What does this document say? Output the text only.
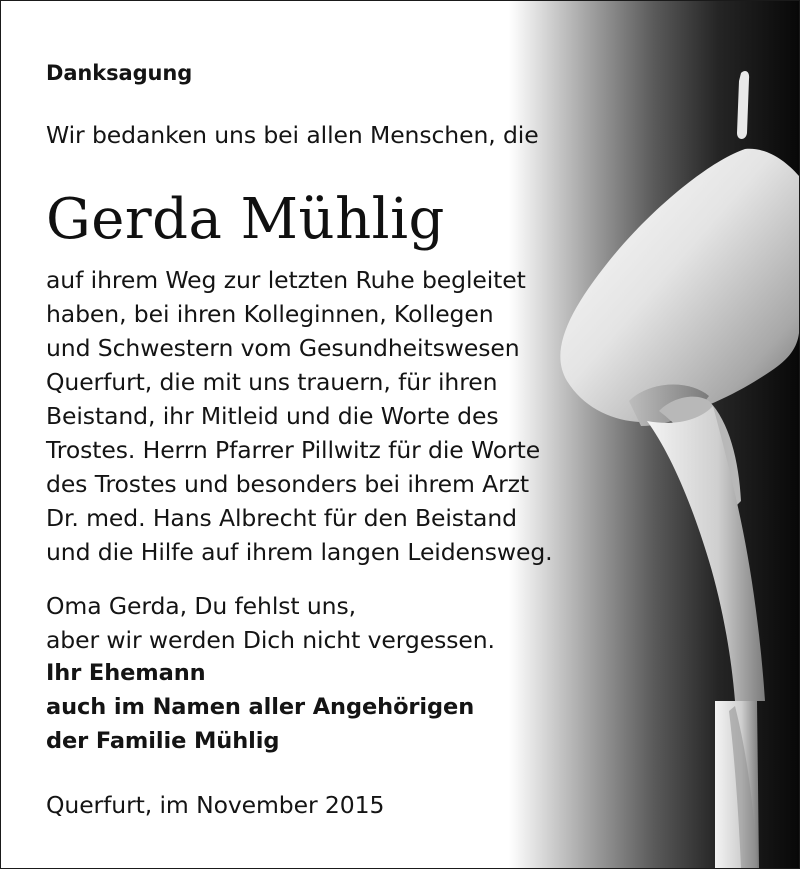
Danksagung
Wir bedanken uns bei allen Menschen, die
Gerda Mühlig
auf ihrem Weg zur letzten Ruhe begleitet
haben, bei ihren Kolleginnen, Kollegen
und Schwestern vom Gesundheitswesen
Querfurt, die mit uns trauern, für ihren
Beistand, ihr Mitleid und die Worte des
Trostes. Herrn Pfarrer Pillwitz für die Worte
des Trostes und besonders bei ihrem Arzt
Dr. med. Hans Albrecht für den Beistand
und die Hilfe auf ihrem langen Leidensweg.
Oma Gerda, Du fehlst uns,
aber wir werden Dich nicht vergessen.
Ihr Ehemann
auch im Namen aller Angehörigen
der Familie Mühlig
Querfurt, im November 2015
